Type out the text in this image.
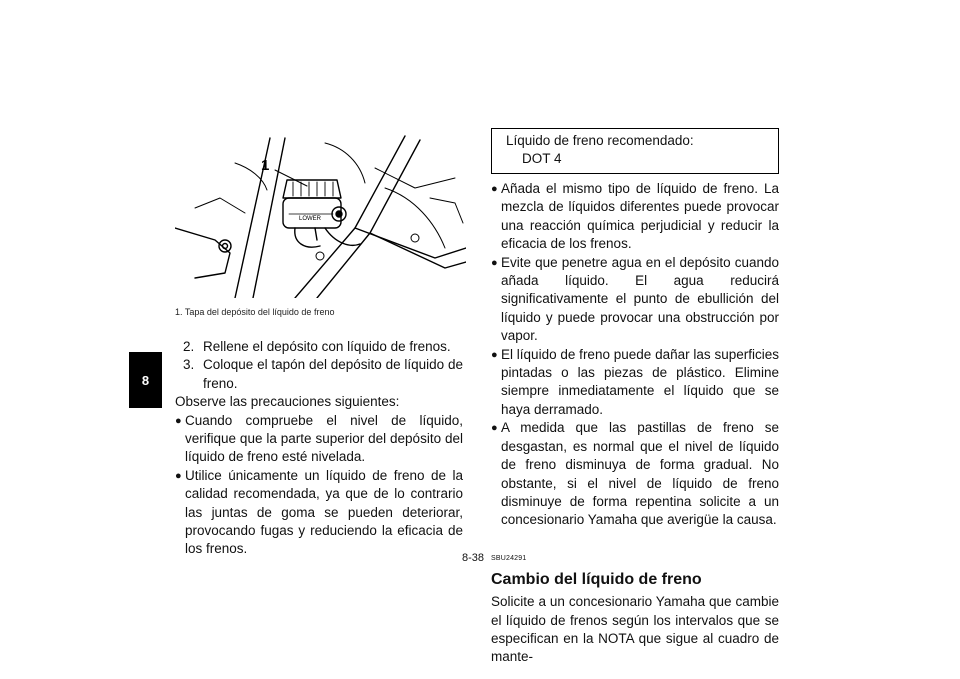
8
1
LOWER
1. Tapa del depósito del líquido de freno
2. Rellene el depósito con líquido de frenos.
3. Coloque el tapón del depósito de líquido de freno.
Observe las precauciones siguientes:
● Cuando compruebe el nivel de líquido, verifique que la parte superior del depósito del líquido de freno esté nivelada.
● Utilice únicamente un líquido de freno de la calidad recomendada, ya que de lo contrario las juntas de goma se pueden deteriorar, provocando fugas y reduciendo la eficacia de los frenos.
Líquido de freno recomendado:
DOT 4
● Añada el mismo tipo de líquido de freno. La mezcla de líquidos diferentes puede provocar una reacción química perjudicial y reducir la eficacia de los frenos.
● Evite que penetre agua en el depósito cuando añada líquido. El agua reducirá significativamente el punto de ebullición del líquido y puede provocar una obstrucción por vapor.
● El líquido de freno puede dañar las superficies pintadas o las piezas de plástico. Elimine siempre inmediatamente el líquido que se haya derramado.
● A medida que las pastillas de freno se desgastan, es normal que el nivel de líquido de freno disminuya de forma gradual. No obstante, si el nivel de líquido de freno disminuye de forma repentina solicite a un concesionario Yamaha que averigüe la causa.
SBU24291
Cambio del líquido de freno
Solicite a un concesionario Yamaha que cambie el líquido de frenos según los intervalos que se especifican en la NOTA que sigue al cuadro de mante-
8-38
